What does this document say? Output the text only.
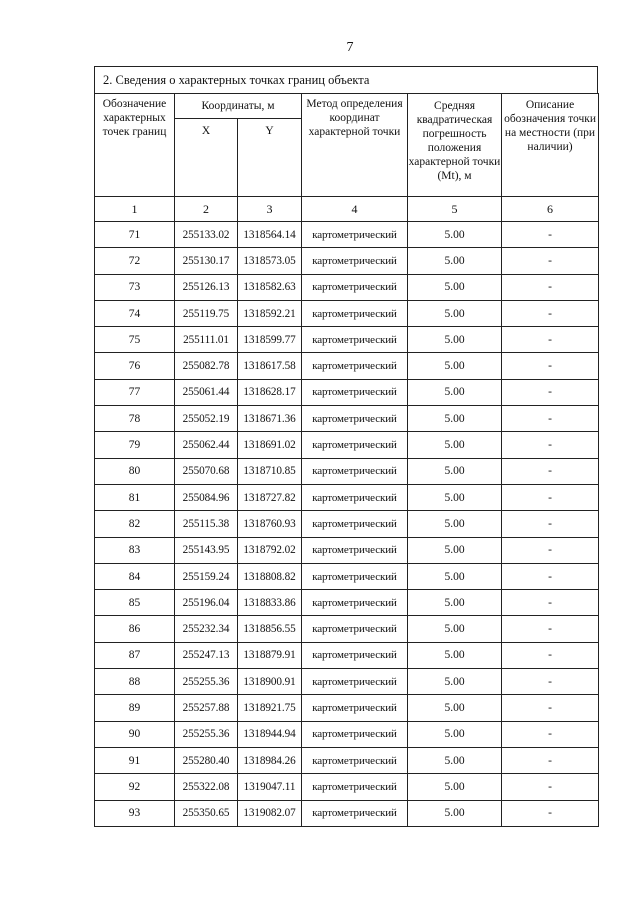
7
2. Сведения о характерных точках границ объекта
Обозначение характерных точек границ	Координаты, м		Метод определения координат характерной точки	Средняя квадратическая погрешность положения характерной точки (Mt), м	Описание обозначения точки на местности (при наличии)
	X	Y			
1	2	3	4	5	6
71	255133.02	1318564.14	картометрический	5.00	-
72	255130.17	1318573.05	картометрический	5.00	-
73	255126.13	1318582.63	картометрический	5.00	-
74	255119.75	1318592.21	картометрический	5.00	-
75	255111.01	1318599.77	картометрический	5.00	-
76	255082.78	1318617.58	картометрический	5.00	-
77	255061.44	1318628.17	картометрический	5.00	-
78	255052.19	1318671.36	картометрический	5.00	-
79	255062.44	1318691.02	картометрический	5.00	-
80	255070.68	1318710.85	картометрический	5.00	-
81	255084.96	1318727.82	картометрический	5.00	-
82	255115.38	1318760.93	картометрический	5.00	-
83	255143.95	1318792.02	картометрический	5.00	-
84	255159.24	1318808.82	картометрический	5.00	-
85	255196.04	1318833.86	картометрический	5.00	-
86	255232.34	1318856.55	картометрический	5.00	-
87	255247.13	1318879.91	картометрический	5.00	-
88	255255.36	1318900.91	картометрический	5.00	-
89	255257.88	1318921.75	картометрический	5.00	-
90	255255.36	1318944.94	картометрический	5.00	-
91	255280.40	1318984.26	картометрический	5.00	-
92	255322.08	1319047.11	картометрический	5.00	-
93	255350.65	1319082.07	картометрический	5.00	-
